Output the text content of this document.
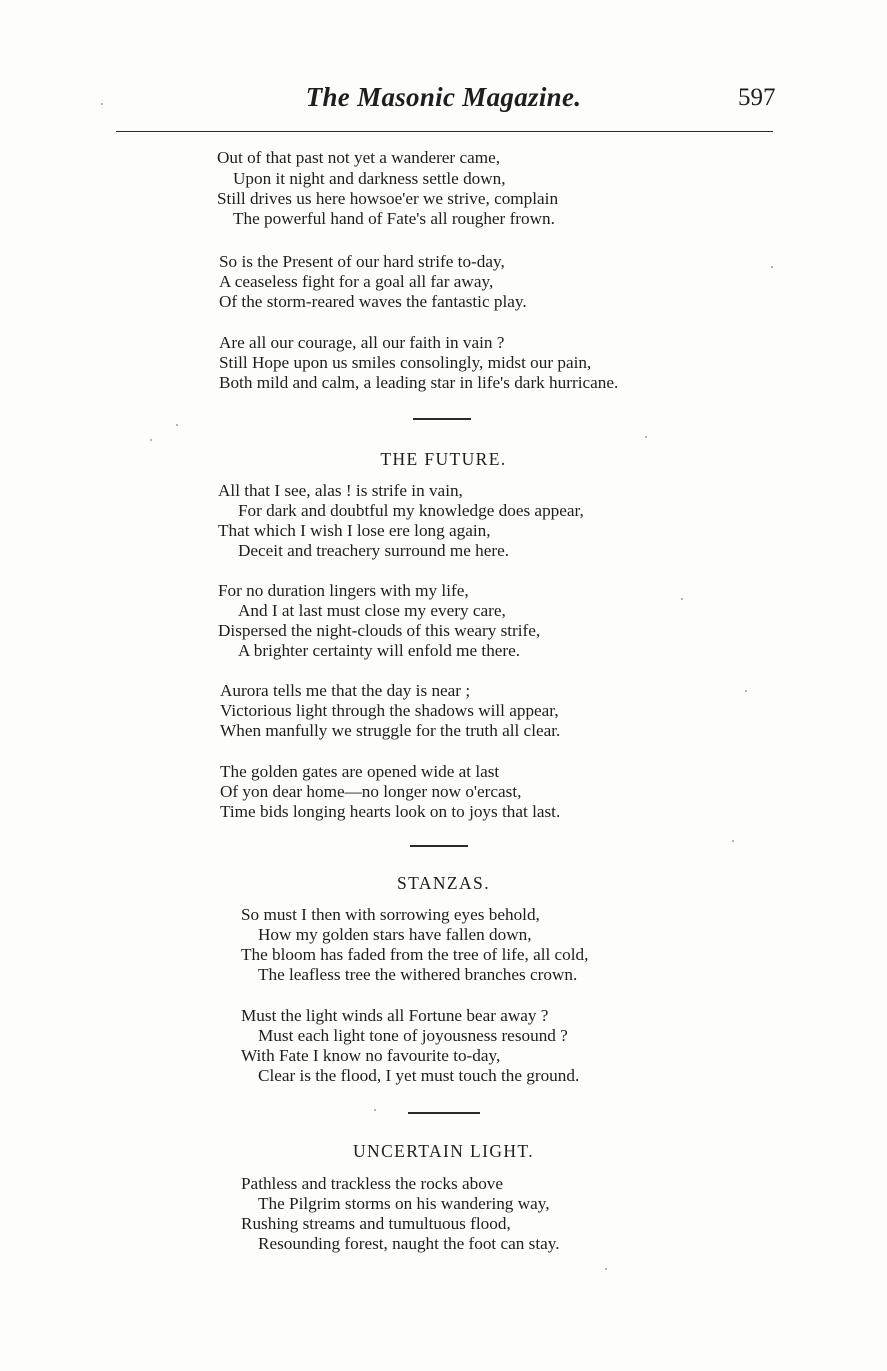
The Masonic Magazine.	597
Out of that past not yet a wanderer came,
Upon it night and darkness settle down,
Still drives us here howsoe'er we strive, complain
The powerful hand of Fate's all rougher frown.
So is the Present of our hard strife to-day,
A ceaseless fight for a goal all far away,
Of the storm-reared waves the fantastic play.
Are all our courage, all our faith in vain ?
Still Hope upon us smiles consolingly, midst our pain,
Both mild and calm, a leading star in life's dark hurricane.
THE FUTURE.
All that I see, alas ! is strife in vain,
For dark and doubtful my knowledge does appear,
That which I wish I lose ere long again,
Deceit and treachery surround me here.
For no duration lingers with my life,
And I at last must close my every care,
Dispersed the night-clouds of this weary strife,
A brighter certainty will enfold me there.
Aurora tells me that the day is near ;
Victorious light through the shadows will appear,
When manfully we struggle for the truth all clear.
The golden gates are opened wide at last
Of yon dear home—no longer now o'ercast,
Time bids longing hearts look on to joys that last.
STANZAS.
So must I then with sorrowing eyes behold,
How my golden stars have fallen down,
The bloom has faded from the tree of life, all cold,
The leafless tree the withered branches crown.
Must the light winds all Fortune bear away ?
Must each light tone of joyousness resound ?
With Fate I know no favourite to-day,
Clear is the flood, I yet must touch the ground.
UNCERTAIN LIGHT.
Pathless and trackless the rocks above
The Pilgrim storms on his wandering way,
Rushing streams and tumultuous flood,
Resounding forest, naught the foot can stay.
